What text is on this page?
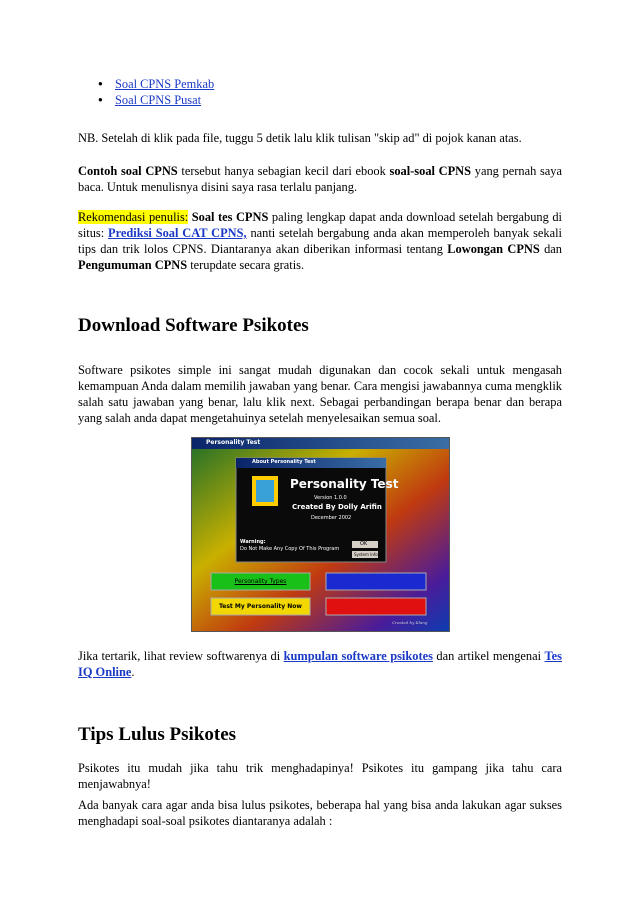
● Soal CPNS Pemkab
● Soal CPNS Pusat

NB. Setelah di klik pada file, tuggu 5 detik lalu klik tulisan "skip ad" di pojok kanan atas.

Contoh soal CPNS tersebut hanya sebagian kecil dari ebook soal-soal CPNS yang pernah saya baca. Untuk menulisnya disini saya rasa terlalu panjang.

Rekomendasi penulis: Soal tes CPNS paling lengkap dapat anda download setelah bergabung di situs: Prediksi Soal CAT CPNS, nanti setelah bergabung anda akan memperoleh banyak sekali tips dan trik lolos CPNS. Diantaranya akan diberikan informasi tentang Lowongan CPNS dan Pengumuman CPNS terupdate secara gratis.

Download Software Psikotes

Software psikotes simple ini sangat mudah digunakan dan cocok sekali untuk mengasah kemampuan Anda dalam memilih jawaban yang benar. Cara mengisi jawabannya cuma mengklik salah satu jawaban yang benar, lalu klik next. Sebagai perbandingan berapa benar dan berapa yang salah anda dapat mengetahuinya setelah menyelesaikan semua soal.

Personality Test
About Personality Test
Personality Test
Version 1.0.0
Created By Dolly Arifin
December 2002
Warning:
Do Not Make Any Copy Of This Program
OK
System Info
Personality Types	About This Program
Test My Personality Now	Exit
Created by Klang

Jika tertarik, lihat review softwarenya di kumpulan software psikotes dan artikel mengenai Tes IQ Online.

Tips Lulus Psikotes

Psikotes itu mudah jika tahu trik menghadapinya! Psikotes itu gampang jika tahu cara menjawabnya!

Ada banyak cara agar anda bisa lulus psikotes, beberapa hal yang bisa anda lakukan agar sukses menghadapi soal-soal psikotes diantaranya adalah :
